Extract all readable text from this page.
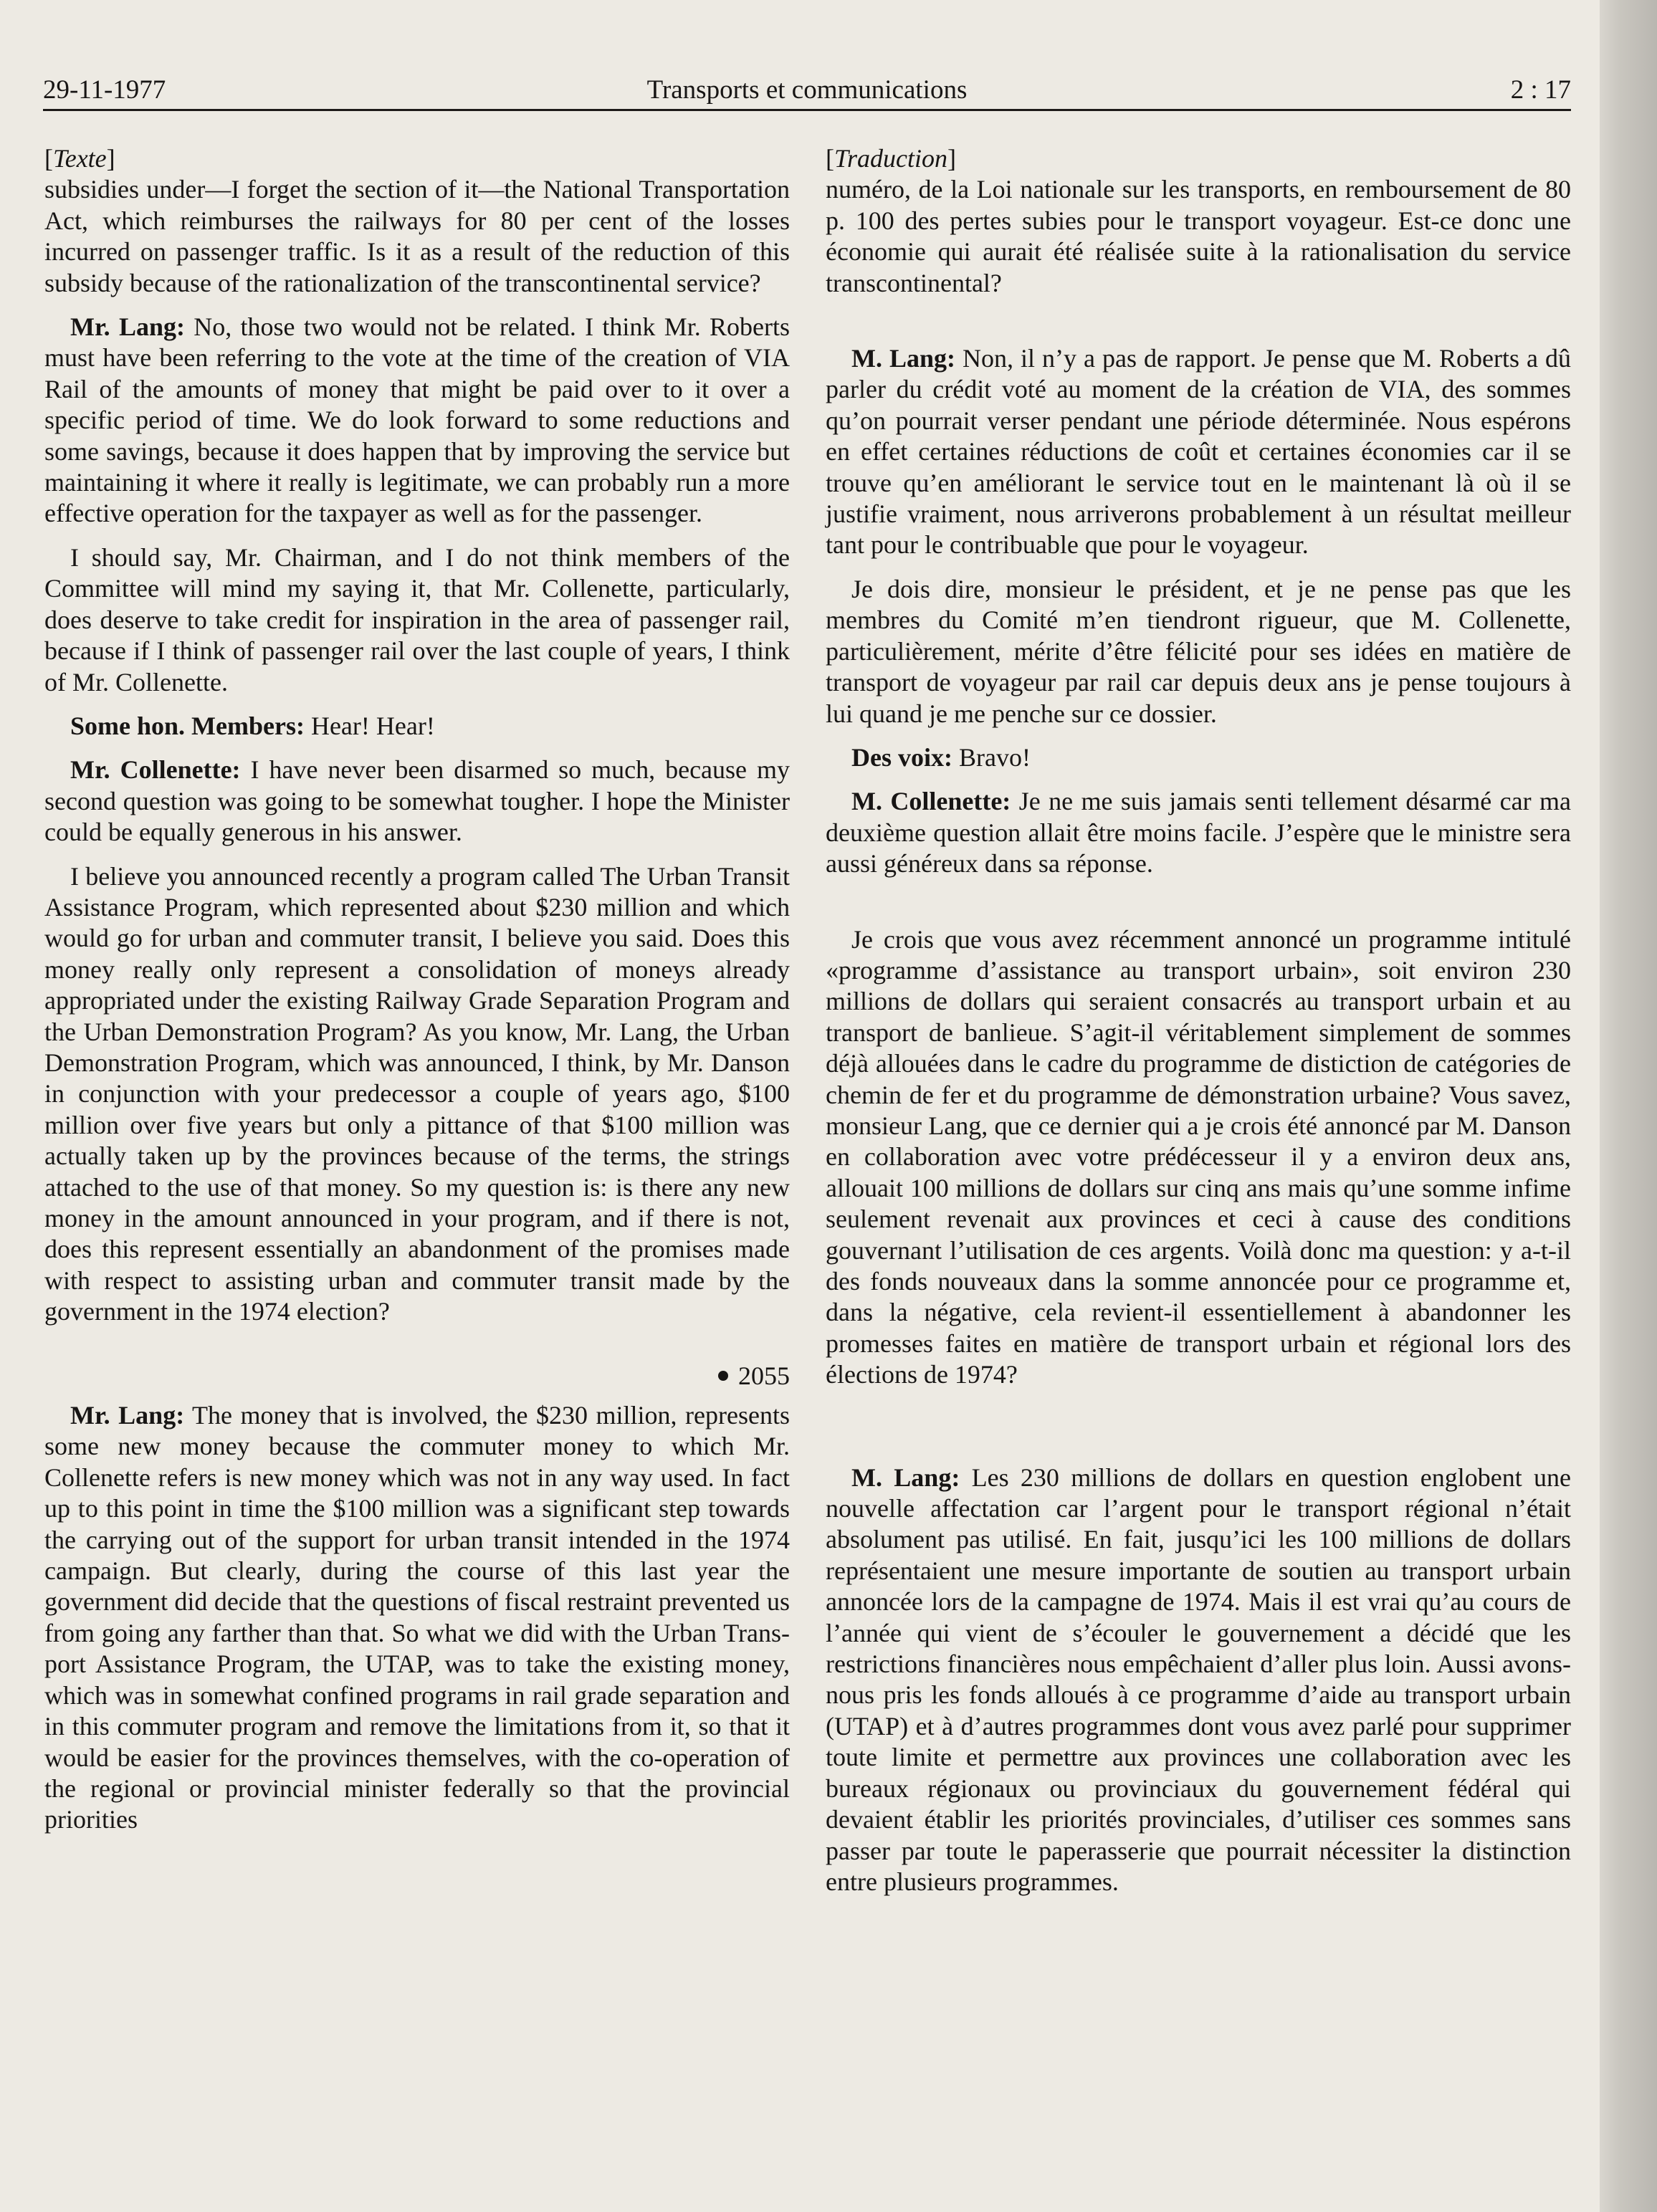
29-11-1977	Transports et communications	2 : 17

[Texte]

subsidies under—I forget the section of it—the National Transportation Act, which reimburses the railways for 80 per cent of the losses incurred on passenger traffic. Is it as a result of the reduction of this subsidy because of the rationalization of the transcontinental service?

Mr. Lang: No, those two would not be related. I think Mr. Roberts must have been referring to the vote at the time of the creation of VIA Rail of the amounts of money that might be paid over to it over a specific period of time. We do look forward to some reductions and some savings, because it does happen that by improving the service but maintaining it where it really is legitimate, we can probably run a more effective operation for the taxpayer as well as for the passenger.

I should say, Mr. Chairman, and I do not think members of the Committee will mind my saying it, that Mr. Collenette, particularly, does deserve to take credit for inspiration in the area of passenger rail, because if I think of passenger rail over the last couple of years, I think of Mr. Collenette.

Some hon. Members: Hear! Hear!

Mr. Collenette: I have never been disarmed so much, because my second question was going to be somewhat tougher. I hope the Minister could be equally generous in his answer.

I believe you announced recently a program called The Urban Transit Assistance Program, which represented about $230 million and which would go for urban and commuter transit, I believe you said. Does this money really only represent a consolidation of moneys already appropriated under the existing Railway Grade Separation Program and the Urban Demonstration Program? As you know, Mr. Lang, the Urban Demonstration Program, which was announced, I think, by Mr. Danson in conjunction with your predecessor a couple of years ago, $100 million over five years but only a pittance of that $100 million was actually taken up by the provinces because of the terms, the strings attached to the use of that money. So my question is: is there any new money in the amount announced in your program, and if there is not, does this represent essentially an abandonment of the promises made with respect to assisting urban and commuter transit made by the government in the 1974 election?

2055

Mr. Lang: The money that is involved, the $230 million, represents some new money because the commuter money to which Mr. Collenette refers is new money which was not in any way used. In fact up to this point in time the $100 million was a significant step towards the carrying out of the support for urban transit intended in the 1974 campaign. But clearly, during the course of this last year the government did decide that the questions of fiscal restraint prevented us from going any farther than that. So what we did with the Urban Transport Assistance Program, the UTAP, was to take the existing money, which was in somewhat confined programs in rail grade separation and in this commuter program and remove the limitations from it, so that it would be easier for the provinces themselves, with the co-operation of the regional or provincial minister federally so that the provincial priorities

[Traduction]

numéro, de la Loi nationale sur les transports, en remboursement de 80 p. 100 des pertes subies pour le transport voyageur. Est-ce donc une économie qui aurait été réalisée suite à la rationalisation du service transcontinental?

M. Lang: Non, il n’y a pas de rapport. Je pense que M. Roberts a dû parler du crédit voté au moment de la création de VIA, des sommes qu’on pourrait verser pendant une période déterminée. Nous espérons en effet certaines réductions de coût et certaines économies car il se trouve qu’en améliorant le service tout en le maintenant là où il se justifie vraiment, nous arriverons probablement à un résultat meilleur tant pour le contribuable que pour le voyageur.

Je dois dire, monsieur le président, et je ne pense pas que les membres du Comité m’en tiendront rigueur, que M. Collenette, particulièrement, mérite d’être félicité pour ses idées en matière de transport de voyageur par rail car depuis deux ans je pense toujours à lui quand je me penche sur ce dossier.

Des voix: Bravo!

M. Collenette: Je ne me suis jamais senti tellement désarmé car ma deuxième question allait être moins facile. J’espère que le ministre sera aussi généreux dans sa réponse.

Je crois que vous avez récemment annoncé un programme intitulé «programme d’assistance au transport urbain», soit environ 230 millions de dollars qui seraient consacrés au transport urbain et au transport de banlieue. S’agit-il véritablement simplement de sommes déjà allouées dans le cadre du programme de distiction de catégories de chemin de fer et du programme de démonstration urbaine? Vous savez, monsieur Lang, que ce dernier qui a je crois été annoncé par M. Danson en collaboration avec votre prédécesseur il y a environ deux ans, allouait 100 millions de dollars sur cinq ans mais qu’une somme infime seulement revenait aux provinces et ceci à cause des conditions gouvernant l’utilisation de ces argents. Voilà donc ma question: y a-t-il des fonds nouveaux dans la somme annoncée pour ce programme et, dans la négative, cela revient-il essentiellement à abandonner les promesses faites en matière de transport urbain et régional lors des élections de 1974?

M. Lang: Les 230 millions de dollars en question englobent une nouvelle affectation car l’argent pour le transport régional n’était absolument pas utilisé. En fait, jusqu’ici les 100 millions de dollars représentaient une mesure importante de soutien au transport urbain annoncée lors de la campagne de 1974. Mais il est vrai qu’au cours de l’année qui vient de s’écouler le gouvernement a décidé que les restrictions financières nous empêchaient d’aller plus loin. Aussi avons-nous pris les fonds alloués à ce programme d’aide au transport urbain (UTAP) et à d’autres programmes dont vous avez parlé pour supprimer toute limite et permettre aux provinces une collaboration avec les bureaux régionaux ou provinciaux du gouvernement fédéral qui devaient établir les priorités provinciales, d’utiliser ces sommes sans passer par toute le paperasserie que pourrait nécessiter la distinction entre plusieurs programmes.
